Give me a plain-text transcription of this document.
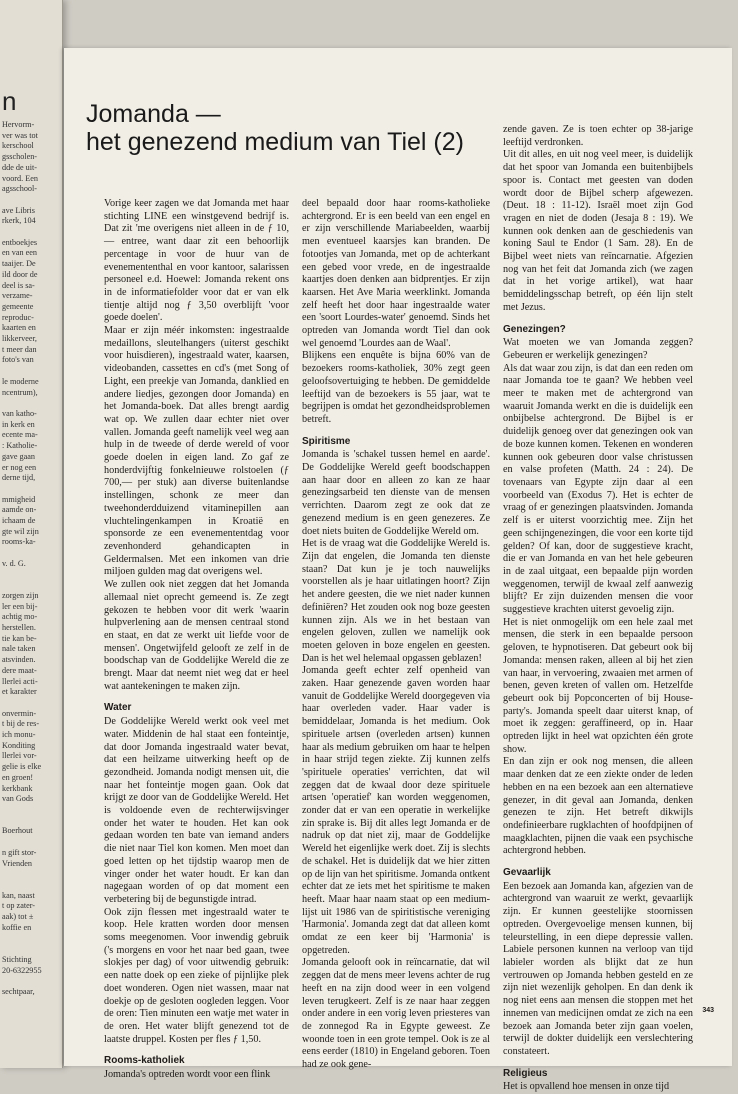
n
Hervorm-
ver was tot
kerschool
gsscholen-
dde de uit-
voord. Een
agsschool-

ave Libris
rkerk, 104

entboekjes
en van een
taaijer. De
ild door de
deel is sa-
verzame-
gemeente
reproduc-
kaarten en
likkerveer,
t meer dan
foto's van

le moderne
ncentrum),

van katho-
in kerk en
ecente ma-
: Katholie-
gave gaan
er nog een
derne tijd,

mmigheid
aamde on-
ichaam de
gte wil zijn
rooms-ka-

v. d. G.

zorgen zijn
ler een bij-
achtig mo-
herstellen.
tie kan be-
nale taken
atsvinden.
dere maat-
llerlei acti-
et karakter

onvermin-
t bij de res-
ich monu-
Konditing
llerlei vor-
gelie is elke
en groen!
kerkbank
van Gods

Boerhout

n gift stor-
Vrienden

kan, naast
t op zater-
aak) tot ±
koffie en

Stichting
20-6322955

sechtpaar,
Jomanda —
het genezend medium van Tiel (2)

Vorige keer zagen we dat Jomanda met haar stichting LINE een winstgevend bedrijf is. Dat zit 'me overigens niet alleen in de ƒ 10,— entree, want daar zit een behoorlijk percentage in voor de huur van de evenemententhal en voor kantoor, salarissen personeel e.d. Hoewel: Jomanda rekent ons in de informatiefolder voor dat er van elk tientje altijd nog ƒ 3,50 overblijft 'voor goede doelen'.

Maar er zijn méér inkomsten: ingestraalde medaillons, sleutelhangers (uiterst geschikt voor huisdieren), ingestraald water, kaarsen, videobanden, cassettes en cd's (met Song of Light, een preekje van Jomanda, danklied en andere liedjes, gezongen door Jomanda) en het Jomanda-boek. Dat alles brengt aardig wat op. We zullen daar echter niet over vallen. Jomanda geeft namelijk veel weg aan hulp in de tweede of derde wereld of voor goede doelen in eigen land. Zo gaf ze honderdvijftig fonkelnieuwe rolstoelen (ƒ 700,— per stuk) aan diverse buitenlandse instellingen, schonk ze meer dan tweehonderdduizend vitaminepillen aan vluchtelingenkampen in Kroatië en sponsorde ze een evenemententdag voor zevenhonderd gehandicapten in Geldermalsen. Met een inkomen van drie miljoen gulden mag dat overigens wel.

We zullen ook niet zeggen dat het Jomanda allemaal niet oprecht gemeend is. Ze zegt gekozen te hebben voor dit werk 'waarin hulpverlening aan de mensen centraal stond en staat, en dat ze werkt uit liefde voor de mensen'. Ongetwijfeld gelooft ze zelf in de boodschap van de Goddelijke Wereld die ze brengt. Maar dat neemt niet weg dat er heel wat aantekeningen te maken zijn.

Water

De Goddelijke Wereld werkt ook veel met water. Middenin de hal staat een fonteintje, dat door Jomanda ingestraald water bevat, dat een heilzame uitwerking heeft op de gezondheid. Jomanda nodigt mensen uit, die naar het fonteintje mogen gaan. Ook dat krijgt ze door van de Goddelijke Wereld. Het is voldoende even de rechterwijsvinger onder het water te houden. Het kan ook gedaan worden ten bate van iemand anders die niet naar Tiel kon komen. Men moet dan goed letten op het tijdstip waarop men de vinger onder het water houdt. Er kan dan nagegaan worden of op dat moment een verbetering bij de begunstigde intrad.

Ook zijn flessen met ingestraald water te koop. Hele kratten worden door mensen soms meegenomen. Voor inwendig gebruik ('s morgens en voor het naar bed gaan, twee slokjes per dag) of voor uitwendig gebruik: een natte doek op een zieke of pijnlijke plek doet wonderen. Ogen niet wassen, maar nat doekje op de gesloten oogleden leggen. Voor de oren: Tien minuten een watje met water in de oren. Het water blijft genezend tot de laatste druppel. Kosten per fles ƒ 1,50.

Rooms-katholiek

Jomanda's optreden wordt voor een flink

deel bepaald door haar rooms-katholieke achtergrond. Er is een beeld van een engel en er zijn verschillende Mariabeelden, waarbij men eventueel kaarsjes kan branden. De fotootjes van Jomanda, met op de achterkant een gebed voor vrede, en de ingestraalde kaartjes doen denken aan bidprentjes. Er zijn kaarsen. Het Ave Maria weerklinkt. Jomanda zelf heeft het door haar ingestraalde water een 'soort Lourdes-water' genoemd. Sinds het optreden van Jomanda wordt Tiel dan ook wel genoemd 'Lourdes aan de Waal'.

Blijkens een enquête is bijna 60% van de bezoekers rooms-katholiek, 30% zegt geen geloofsovertuiging te hebben. De gemiddelde leeftijd van de bezoekers is 55 jaar, wat te begrijpen is omdat het gezondheidsproblemen betreft.

Spiritisme

Jomanda is 'schakel tussen hemel en aarde'. De Goddelijke Wereld geeft boodschappen aan haar door en alleen zo kan ze haar genezingsarbeid ten dienste van de mensen verrichten. Daarom zegt ze ook dat ze genezend medium is en geen genezeres. Ze doet niets buiten de Goddelijke Wereld om.

Het is de vraag wat die Goddelijke Wereld is. Zijn dat engelen, die Jomanda ten dienste staan? Dat kun je je toch nauwelijks voorstellen als je haar uitlatingen hoort? Zijn het andere geesten, die we niet nader kunnen definiëren? Het zouden ook nog boze geesten kunnen zijn. Als we in het bestaan van engelen geloven, zullen we namelijk ook moeten geloven in boze engelen en geesten. Dan is het wel helemaal opgassen geblazen!

Jomanda geeft echter zelf openheid van zaken. Haar genezende gaven worden haar vanuit de Goddelijke Wereld doorgegeven via haar overleden vader. Haar vader is bemiddelaar, Jomanda is het medium. Ook spirituele artsen (overleden artsen) kunnen haar als medium gebruiken om haar te helpen in haar strijd tegen ziekte. Zij kunnen zelfs 'spirituele operaties' verrichten, dat wil zeggen dat de kwaal door deze spirituele artsen 'operatief' kan worden weggenomen, zonder dat er van een operatie in werkelijke zin sprake is. Bij dit alles legt Jomanda er de nadruk op dat niet zij, maar de Goddelijke Wereld het eigenlijke werk doet. Zij is slechts de schakel. Het is duidelijk dat we hier zitten op de lijn van het spiritisme. Jomanda ontkent echter dat ze iets met het spiritisme te maken heeft. Maar haar naam staat op een mediumlijst uit 1986 van de spiritistische vereniging 'Harmonia'. Jomanda zegt dat dat alleen komt omdat ze een keer bij 'Harmonia' is opgetreden.

Jomanda gelooft ook in reïncarnatie, dat wil zeggen dat de mens meer levens achter de rug heeft en na zijn dood weer in een volgend leven terugkeert. Zelf is ze naar haar zeggen onder andere in een vorig leven priesteres van de zonnegod Ra in Egypte geweest. Ze woonde toen in een grote tempel. Ook is ze al eens eerder (1810) in Engeland geboren. Toen had ze ook gene-

zende gaven. Ze is toen echter op 38-jarige leeftijd verdronken.

Uit dit alles, en uit nog veel meer, is duidelijk dat het spoor van Jomanda een buitenbijbels spoor is. Contact met geesten van doden wordt door de Bijbel scherp afgewezen. (Deut. 18 : 11-12). Israël moet zijn God vragen en niet de doden (Jesaja 8 : 19). We kunnen ook denken aan de geschiedenis van koning Saul te Endor (1 Sam. 28). En de Bijbel weet niets van reïncarnatie. Afgezien nog van het feit dat Jomanda zich (we zagen dat in het vorige artikel), wat haar bemiddelingsschap betreft, op één lijn stelt met Jezus.

Genezingen?

Wat moeten we van Jomanda zeggen? Gebeuren er werkelijk genezingen?

Als dat waar zou zijn, is dat dan een reden om naar Jomanda toe te gaan? We hebben veel meer te maken met de achtergrond van waaruit Jomanda werkt en die is duidelijk een onbijbelse achtergrond. De Bijbel is er duidelijk genoeg over dat genezingen ook van de boze kunnen komen. Tekenen en wonderen kunnen ook gebeuren door valse christussen en valse profeten (Matth. 24 : 24). De tovenaars van Egypte zijn daar al een voorbeeld van (Exodus 7). Het is echter de vraag of er genezingen plaatsvinden. Jomanda zelf is er uiterst voorzichtig mee. Zijn het geen schijngenezingen, die voor een korte tijd gelden? Of kan, door de suggestieve kracht, die er van Jomanda en van het hele gebeuren in de zaal uitgaat, een bepaalde pijn worden weggenomen, terwijl de kwaal zelf aanwezig blijft? Er zijn duizenden mensen die voor suggestieve krachten uiterst gevoelig zijn.

Het is niet onmogelijk om een hele zaal met mensen, die sterk in een bepaalde persoon geloven, te hypnotiseren. Dat gebeurt ook bij Jomanda: mensen raken, alleen al bij het zien van haar, in vervoering, zwaaien met armen of benen, geven kreten of vallen om. Hetzelfde gebeurt ook bij Popconcerten of bij House-party's. Jomanda speelt daar uiterst knap, of moet ik zeggen: geraffineerd, op in. Haar optreden lijkt in heel wat opzichten één grote show.

En dan zijn er ook nog mensen, die alleen maar denken dat ze een ziekte onder de leden hebben en na een bezoek aan een alternatieve genezer, in dit geval aan Jomanda, denken genezen te zijn. Het betreft dikwijls ondefinieerbare rugklachten of hoofdpijnen of maagklachten, pijnen die vaak een psychische achtergrond hebben.

Gevaarlijk

Een bezoek aan Jomanda kan, afgezien van de achtergrond van waaruit ze werkt, gevaarlijk zijn. Er kunnen geestelijke stoornissen optreden. Overgevoelige mensen kunnen, bij teleurstelling, in een diepe depressie vallen. Labiele personen kunnen na verloop van tijd labieler worden als blijkt dat ze hun vertrouwen op Jomanda hebben gesteld en ze zijn niet wezenlijk geholpen. En dan denk ik nog niet eens aan mensen die stoppen met het innemen van medicijnen omdat ze zich na een bezoek aan Jomanda beter zijn gaan voelen, terwijl de dokter duidelijk een verslechtering constateert.

Religieus

Het is opvallend hoe mensen in onze tijd

343
